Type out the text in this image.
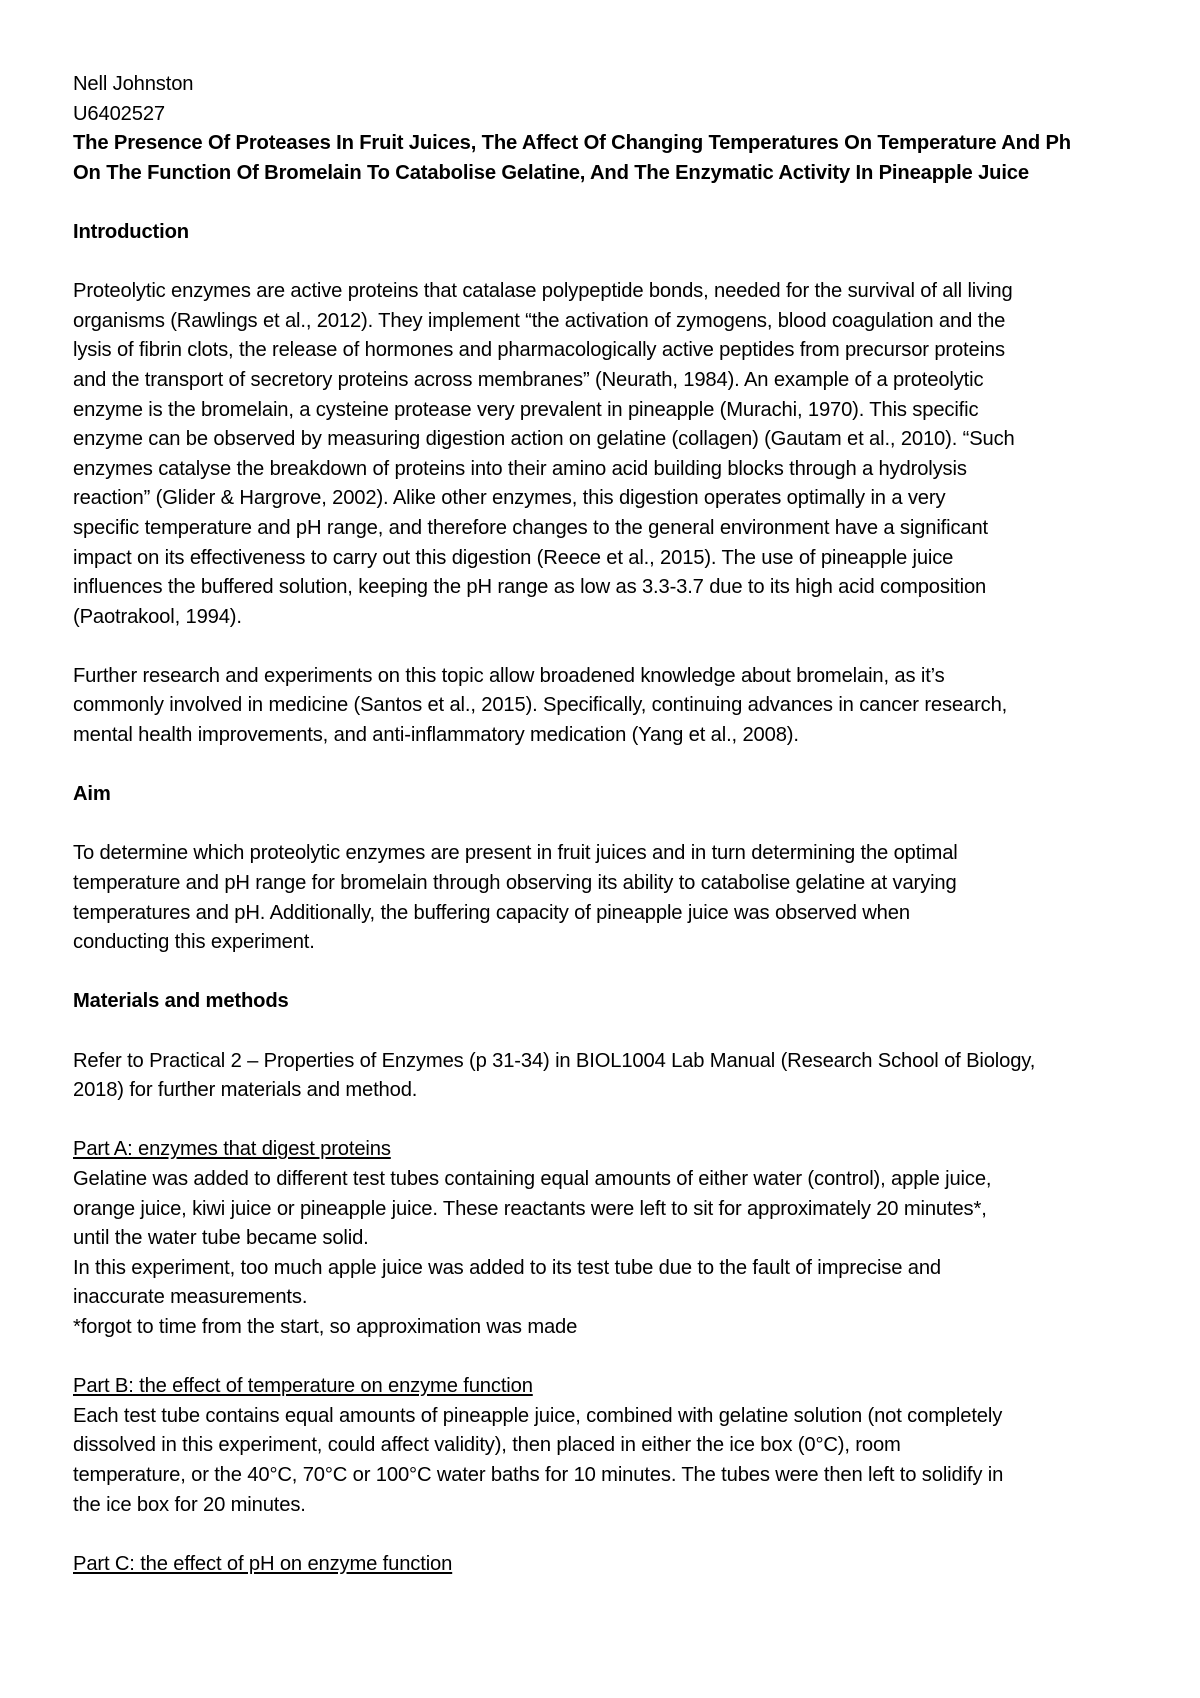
Nell Johnston
U6402527
The Presence Of Proteases In Fruit Juices, The Affect Of Changing Temperatures On Temperature And Ph
On The Function Of Bromelain To Catabolise Gelatine, And The Enzymatic Activity In Pineapple Juice
Introduction
Proteolytic enzymes are active proteins that catalase polypeptide bonds, needed for the survival of all living
organisms (Rawlings et al., 2012). They implement “the activation of zymogens, blood coagulation and the
lysis of fibrin clots, the release of hormones and pharmacologically active peptides from precursor proteins
and the transport of secretory proteins across membranes” (Neurath, 1984). An example of a proteolytic
enzyme is the bromelain, a cysteine protease very prevalent in pineapple (Murachi, 1970). This specific
enzyme can be observed by measuring digestion action on gelatine (collagen) (Gautam et al., 2010). “Such
enzymes catalyse the breakdown of proteins into their amino acid building blocks through a hydrolysis
reaction” (Glider & Hargrove, 2002). Alike other enzymes, this digestion operates optimally in a very
specific temperature and pH range, and therefore changes to the general environment have a significant
impact on its effectiveness to carry out this digestion (Reece et al., 2015). The use of pineapple juice
influences the buffered solution, keeping the pH range as low as 3.3-3.7 due to its high acid composition
(Paotrakool, 1994).
Further research and experiments on this topic allow broadened knowledge about bromelain, as it’s
commonly involved in medicine (Santos et al., 2015). Specifically, continuing advances in cancer research,
mental health improvements, and anti-inflammatory medication (Yang et al., 2008).
Aim
To determine which proteolytic enzymes are present in fruit juices and in turn determining the optimal
temperature and pH range for bromelain through observing its ability to catabolise gelatine at varying
temperatures and pH. Additionally, the buffering capacity of pineapple juice was observed when
conducting this experiment.
Materials and methods
Refer to Practical 2 – Properties of Enzymes (p 31-34) in BIOL1004 Lab Manual (Research School of Biology,
2018) for further materials and method.
Part A: enzymes that digest proteins
Gelatine was added to different test tubes containing equal amounts of either water (control), apple juice,
orange juice, kiwi juice or pineapple juice. These reactants were left to sit for approximately 20 minutes*,
until the water tube became solid.
In this experiment, too much apple juice was added to its test tube due to the fault of imprecise and
inaccurate measurements.
*forgot to time from the start, so approximation was made
Part B: the effect of temperature on enzyme function
Each test tube contains equal amounts of pineapple juice, combined with gelatine solution (not completely
dissolved in this experiment, could affect validity), then placed in either the ice box (0°C), room
temperature, or the 40°C, 70°C or 100°C water baths for 10 minutes. The tubes were then left to solidify in
the ice box for 20 minutes.
Part C: the effect of pH on enzyme function
